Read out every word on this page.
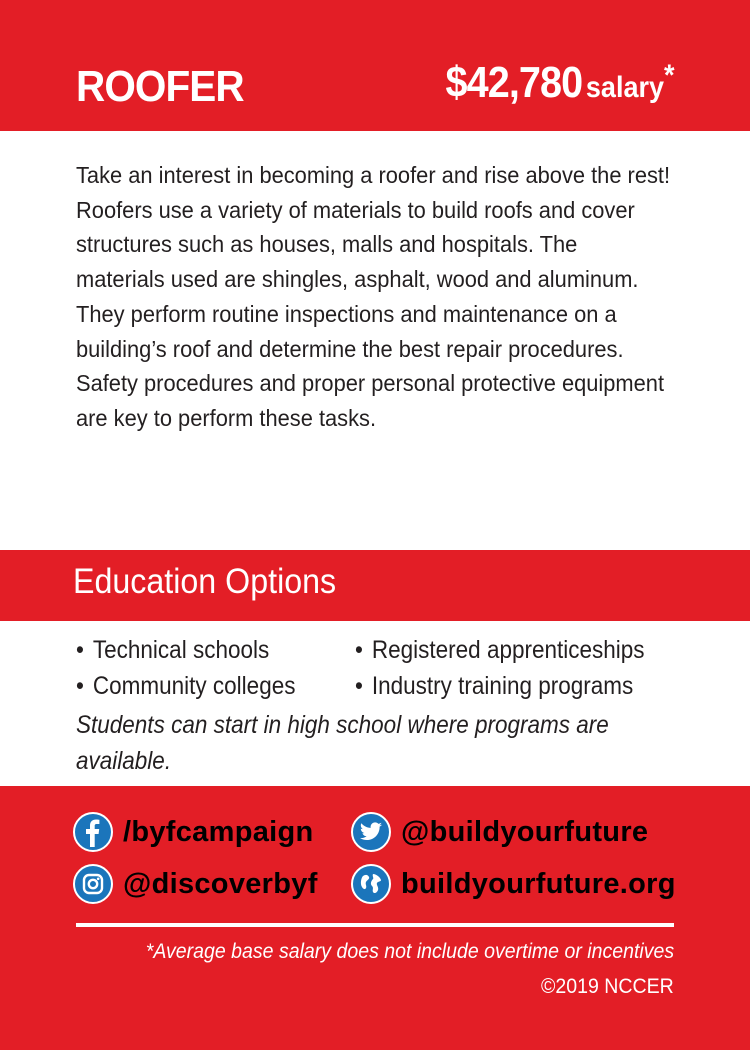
ROOFER	$42,780 salary*
Take an interest in becoming a roofer and rise above the rest! Roofers use a variety of materials to build roofs and cover structures such as houses, malls and hospitals. The materials used are shingles, asphalt, wood and aluminum. They perform routine inspections and maintenance on a building’s roof and determine the best repair procedures. Safety procedures and proper personal protective equipment are key to perform these tasks.
Education Options
• Technical schools
• Community colleges
• Registered apprenticeships
• Industry training programs
Students can start in high school where programs are available.
/byfcampaign	@buildyourfuture
@discoverbyf	buildyourfuture.org
*Average base salary does not include overtime or incentives
©2019 NCCER
